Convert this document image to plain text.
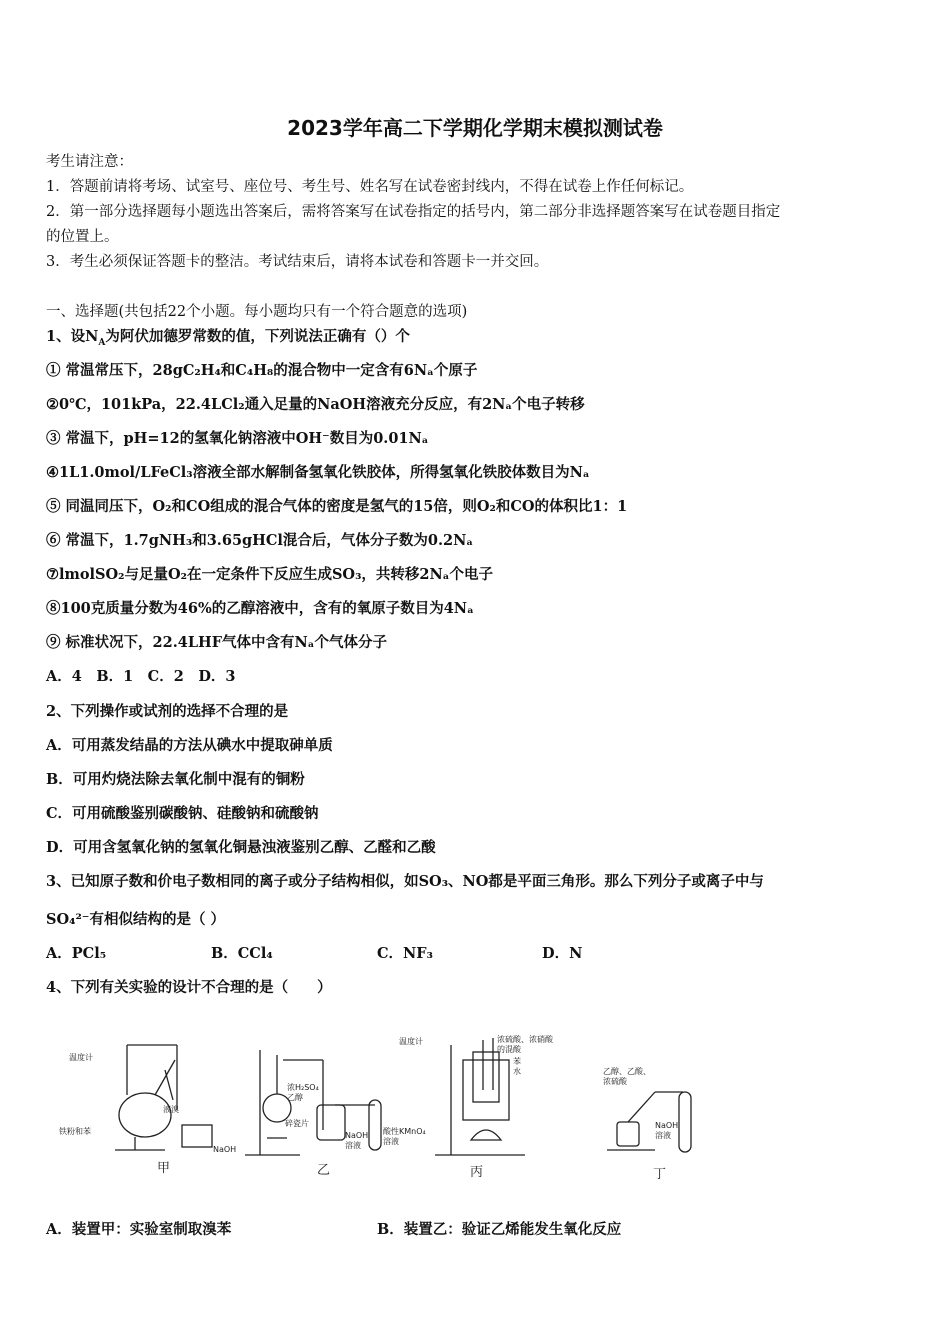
2023学年高二下学期化学期末模拟测试卷
考生请注意：
1．答题前请将考场、试室号、座位号、考生号、姓名写在试卷密封线内，不得在试卷上作任何标记。
2．第一部分选择题每小题选出答案后，需将答案写在试卷指定的括号内，第二部分非选择题答案写在试卷题目指定
的位置上。
3．考生必须保证答题卡的整洁。考试结束后，请将本试卷和答题卡一并交回。
一、选择题(共包括22个小题。每小题均只有一个符合题意的选项)
1、设$N_A$为阿伏加德罗常数的值，下列说法正确有（）个
① 常温常压下，28gC₂H₄和C₄H₈的混合物中一定含有6Nₐ个原子
②0℃，101kPa，22.4LCl₂通入足量的NaOH溶液充分反应，有2Nₐ个电子转移
③ 常温下，pH=12的氢氧化钠溶液中OH⁻数目为0.01Nₐ
④1L1.0mol/LFeCl₃溶液全部水解制备氢氧化铁胶体，所得氢氧化铁胶体数目为Nₐ
⑤ 同温同压下，O₂和CO组成的混合气体的密度是氢气的15倍，则O₂和CO的体积比1：1
⑥ 常温下，1.7gNH₃和3.65gHCl混合后，气体分子数为0.2Nₐ
⑦lmolSO₂与足量O₂在一定条件下反应生成SO₃，共转移2Nₐ个电子
⑧100克质量分数为46%的乙醇溶液中，含有的氧原子数目为4Nₐ
⑨ 标准状况下，22.4LHF气体中含有Nₐ个气体分子
A．4　B．1　C．2　D．3
2、下列操作或试剂的选择不合理的是
A．可用蒸发结晶的方法从碘水中提取砷单质
B．可用灼烧法除去氧化制中混有的铜粉
C．可用硫酸鉴别碳酸钠、硅酸钠和硫酸钠
D．可用含氢氧化钠的氢氧化铜悬浊液鉴别乙醇、乙醛和乙酸
3、已知原子数和价电子数相同的离子或分子结构相似，如SO₃、NO都是平面三角形。那么下列分子或离子中与
SO₄²⁻有相似结构的是（ ）
A．PCl₅	B．CCl₄	C．NF₃	D．N
4、下列有关实验的设计不合理的是（　　）
温度计
液溴
铁粉和苯
NaOH
甲
浓H₂SO₄
乙醇
碎瓷片
NaOH
溶液
酸性KMnO₄
溶液
乙
温度计	浓硫酸、浓硝酸
的混酸
苯
水
丙
乙醇、乙酸、
浓硫酸
NaOH
溶液
丁
A．装置甲：实验室制取溴苯	B．装置乙：验证乙烯能发生氧化反应
